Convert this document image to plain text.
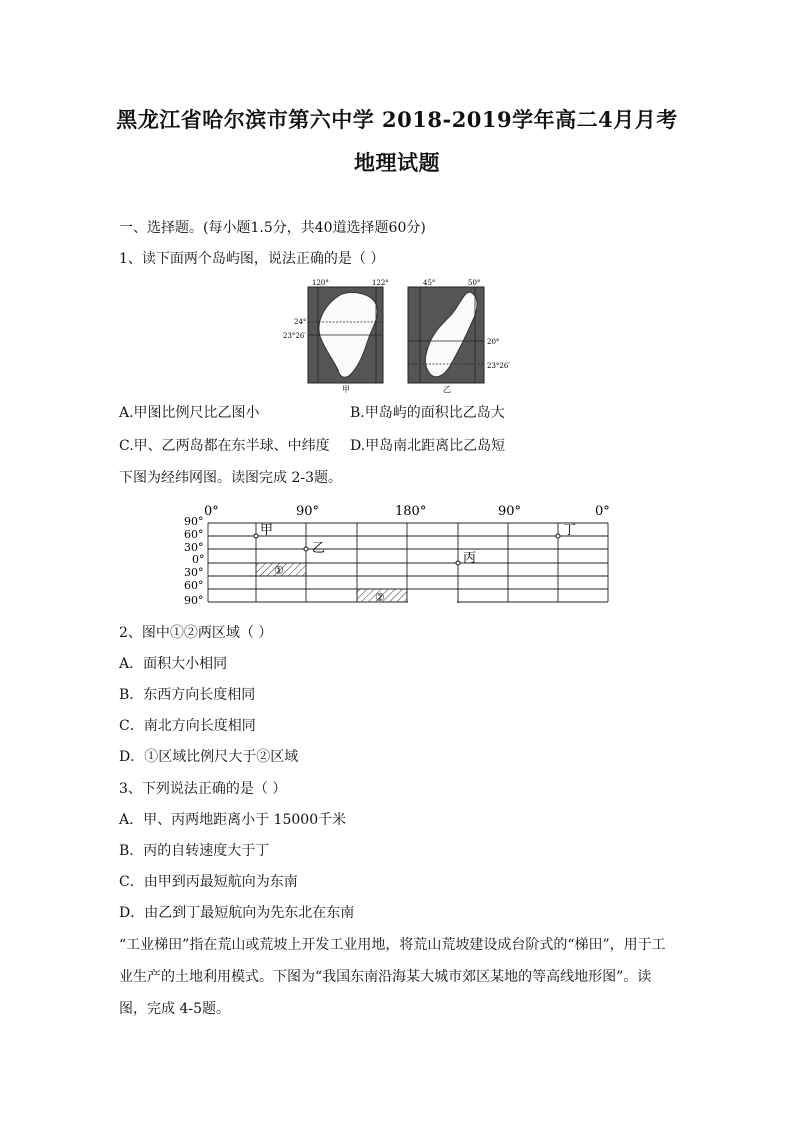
黑龙江省哈尔滨市第六中学 2018-2019学年高二4月月考
地理试题
一、选择题。(每小题1.5分，共40道选择题60分)
1、读下面两个岛屿图，说法正确的是（ ）
120°	122°
24°
23°26′
甲
45°	50°
20°
23°26′
乙
A.甲图比例尺比乙图小	B.甲岛屿的面积比乙岛大
C.甲、乙两岛都在东半球、中纬度 D.甲岛南北距离比乙岛短
下图为经纬网图。读图完成 2-3题。
0°	90°	180°	90°	0°
90°
60°
30°
0°
30°
60°
90°
①
②
甲
乙
丙
丁
2、图中①②两区域（ ）
A．面积大小相同
B．东西方向长度相同
C．南北方向长度相同
D．①区域比例尺大于②区域
3、下列说法正确的是（ ）
A．甲、丙两地距离小于 15000千米
B．丙的自转速度大于丁
C．由甲到丙最短航向为东南
D．由乙到丁最短航向为先东北在东南
“工业梯田”指在荒山或荒坡上开发工业用地，将荒山荒坡建设成台阶式的“梯田”，用于工业生产的土地利用模式。下图为“我国东南沿海某大城市郊区某地的等高线地形图”。读图，完成 4-5题。
